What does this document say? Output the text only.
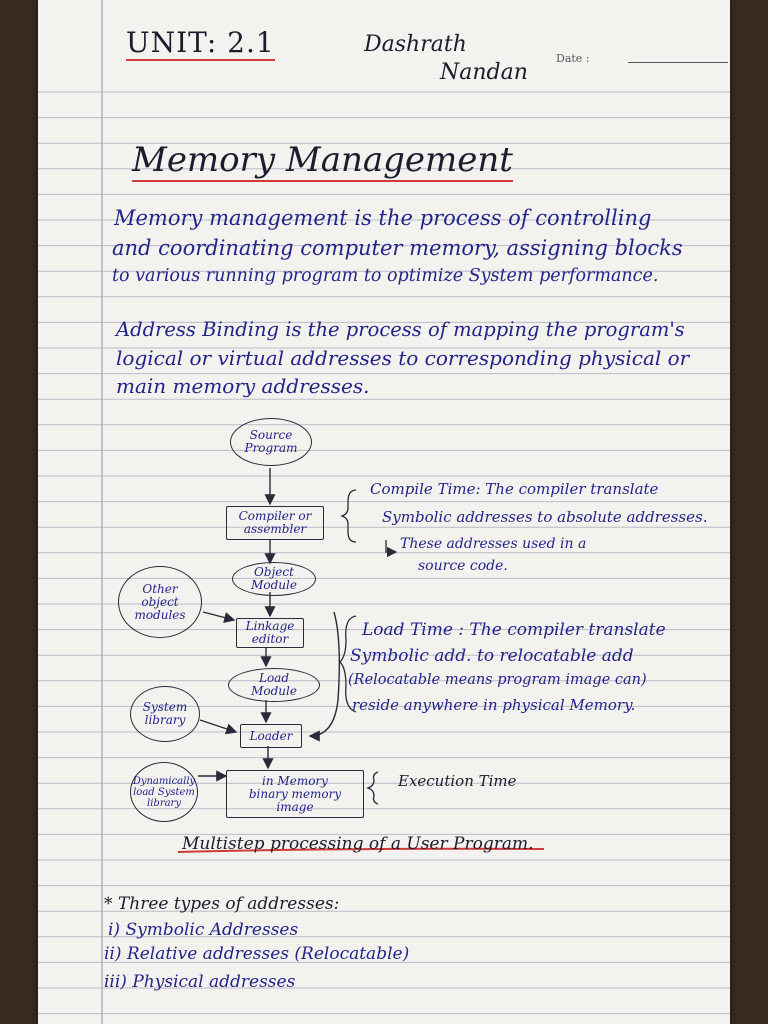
UNIT: 2.1	Dashrath
Nandan
Date :
Memory Management
Memory management is the process of controlling
and coordinating computer memory, assigning blocks
to various running program to optimize System performance.
Address Binding is the process of mapping the program's
logical or virtual addresses to corresponding physical or
main memory addresses.
Source Program
Compiler or assembler
Object Module
Other object modules
Linkage editor
Load Module
System library
Loader
Dynamically load System library
in Memory binary memory image
Compile Time: The compiler translate
Symbolic addresses to absolute addresses.
These addresses used in a
source code.
Load Time : The compiler translate
Symbolic add. to relocatable add
(Relocatable means program image can)
reside anywhere in physical Memory.
Execution Time
Multistep processing of a User Program.
* Three types of addresses:
i) Symbolic Addresses
ii) Relative addresses (Relocatable)
iii) Physical addresses
